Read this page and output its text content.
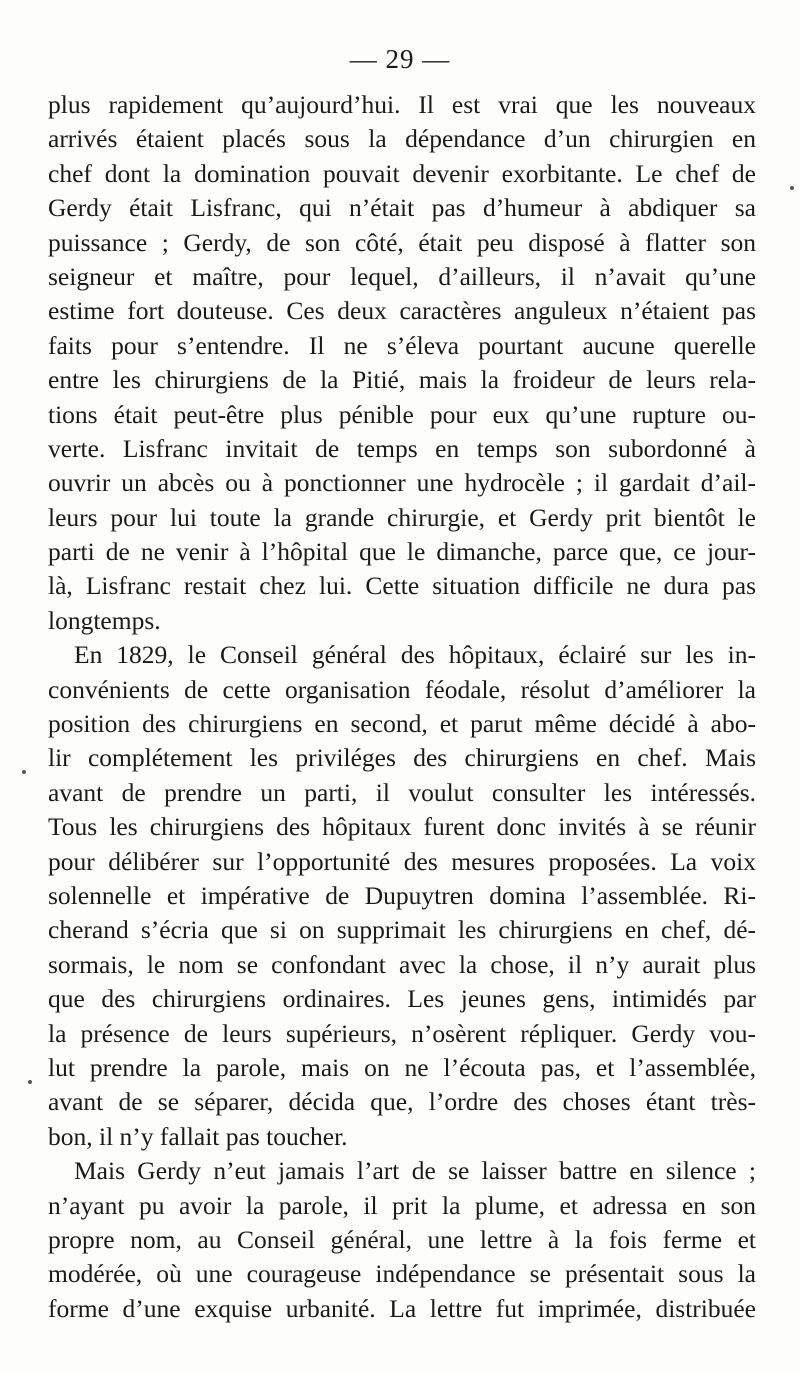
— 29 —

plus rapidement qu’aujourd’hui. Il est vrai que les nouveaux
arrivés étaient placés sous la dépendance d’un chirurgien en
chef dont la domination pouvait devenir exorbitante. Le chef de
Gerdy était Lisfranc, qui n’était pas d’humeur à abdiquer sa
puissance ; Gerdy, de son côté, était peu disposé à flatter son
seigneur et maître, pour lequel, d’ailleurs, il n’avait qu’une
estime fort douteuse. Ces deux caractères anguleux n’étaient pas
faits pour s’entendre. Il ne s’éleva pourtant aucune querelle
entre les chirurgiens de la Pitié, mais la froideur de leurs rela-
tions était peut-être plus pénible pour eux qu’une rupture ou-
verte. Lisfranc invitait de temps en temps son subordonné à
ouvrir un abcès ou à ponctionner une hydrocèle ; il gardait d’ail-
leurs pour lui toute la grande chirurgie, et Gerdy prit bientôt le
parti de ne venir à l’hôpital que le dimanche, parce que, ce jour-
là, Lisfranc restait chez lui. Cette situation difficile ne dura pas
longtemps.

En 1829, le Conseil général des hôpitaux, éclairé sur les in-
convénients de cette organisation féodale, résolut d’améliorer la
position des chirurgiens en second, et parut même décidé à abo-
lir complétement les priviléges des chirurgiens en chef. Mais
avant de prendre un parti, il voulut consulter les intéressés.
Tous les chirurgiens des hôpitaux furent donc invités à se réunir
pour délibérer sur l’opportunité des mesures proposées. La voix
solennelle et impérative de Dupuytren domina l’assemblée. Ri-
cherand s’écria que si on supprimait les chirurgiens en chef, dé-
sormais, le nom se confondant avec la chose, il n’y aurait plus
que des chirurgiens ordinaires. Les jeunes gens, intimidés par
la présence de leurs supérieurs, n’osèrent répliquer. Gerdy vou-
lut prendre la parole, mais on ne l’écouta pas, et l’assemblée,
avant de se séparer, décida que, l’ordre des choses étant très-
bon, il n’y fallait pas toucher.

Mais Gerdy n’eut jamais l’art de se laisser battre en silence ;
n’ayant pu avoir la parole, il prit la plume, et adressa en son
propre nom, au Conseil général, une lettre à la fois ferme et
modérée, où une courageuse indépendance se présentait sous la
forme d’une exquise urbanité. La lettre fut imprimée, distribuée
